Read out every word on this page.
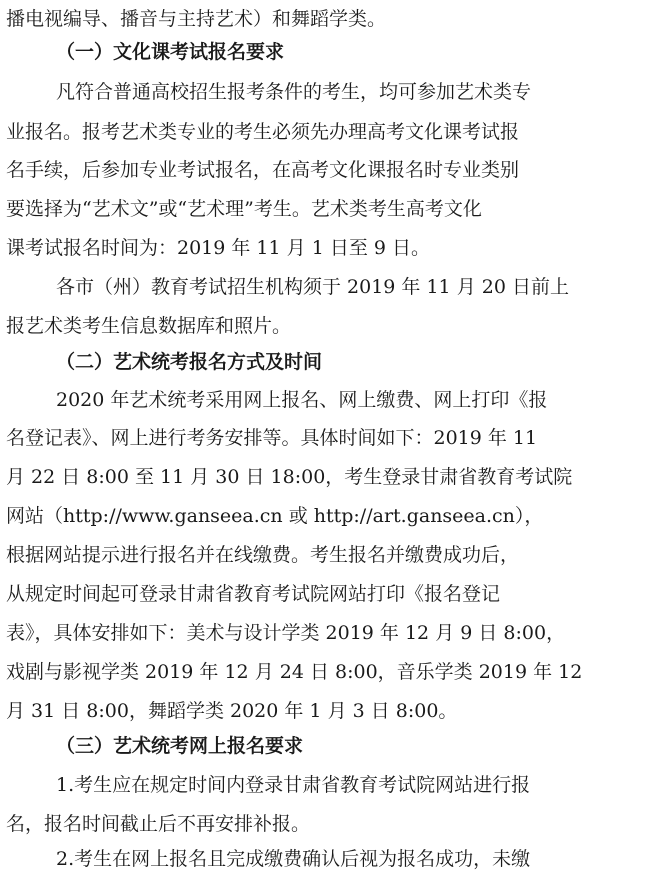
播电视编导、播音与主持艺术）和舞蹈学类。
（一）文化课考试报名要求
凡符合普通高校招生报考条件的考生，均可参加艺术类专
业报名。报考艺术类专业的考生必须先办理高考文化课考试报
名手续，后参加专业考试报名，在高考文化课报名时专业类别
要选择为“艺术文”或“艺术理”考生。艺术类考生高考文化
课考试报名时间为：2019 年 11 月 1 日至 9 日。
各市（州）教育考试招生机构须于 2019 年 11 月 20 日前上
报艺术类考生信息数据库和照片。
（二）艺术统考报名方式及时间
2020 年艺术统考采用网上报名、网上缴费、网上打印《报
名登记表》、网上进行考务安排等。具体时间如下：2019 年 11
月 22 日 8:00 至 11 月 30 日 18:00，考生登录甘肃省教育考试院
网站（http://www.ganseea.cn 或 http://art.ganseea.cn），
根据网站提示进行报名并在线缴费。考生报名并缴费成功后，
从规定时间起可登录甘肃省教育考试院网站打印《报名登记
表》，具体安排如下：美术与设计学类 2019 年 12 月 9 日 8:00，
戏剧与影视学类 2019 年 12 月 24 日 8:00，音乐学类 2019 年 12
月 31 日 8:00，舞蹈学类 2020 年 1 月 3 日 8:00。
（三）艺术统考网上报名要求
1.考生应在规定时间内登录甘肃省教育考试院网站进行报
名，报名时间截止后不再安排补报。
2.考生在网上报名且完成缴费确认后视为报名成功，未缴
